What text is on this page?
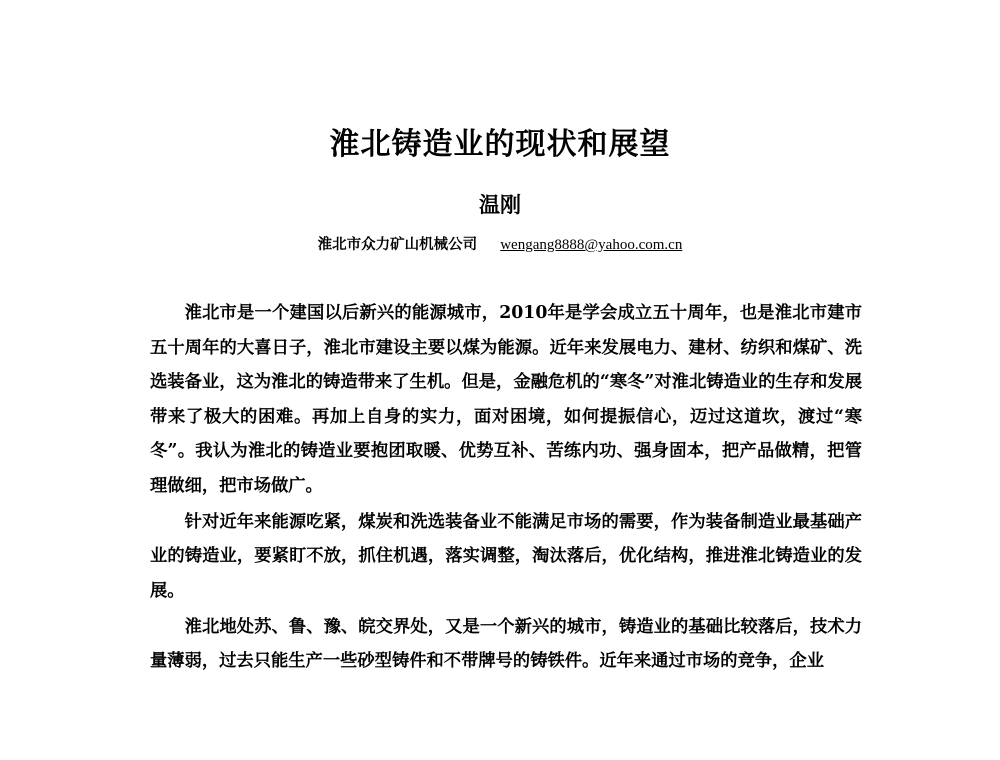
淮北铸造业的现状和展望
温刚
淮北市众力矿山机械公司 wengang8888@yahoo.com.cn

淮北市是一个建国以后新兴的能源城市，2010年是学会成立五十周年，也是淮北市建市五十周年的大喜日子，淮北市建设主要以煤为能源。近年来发展电力、建材、纺织和煤矿、洗选装备业，这为淮北的铸造带来了生机。但是，金融危机的“寒冬”对淮北铸造业的生存和发展带来了极大的困难。再加上自身的实力，面对困境，如何提振信心，迈过这道坎，渡过“寒冬”。我认为淮北的铸造业要抱团取暖、优势互补、苦练内功、强身固本，把产品做精，把管理做细，把市场做广。

针对近年来能源吃紧，煤炭和洗选装备业不能满足市场的需要，作为装备制造业最基础产业的铸造业，要紧盯不放，抓住机遇，落实调整，淘汰落后，优化结构，推进淮北铸造业的发展。

淮北地处苏、鲁、豫、皖交界处，又是一个新兴的城市，铸造业的基础比较落后，技术力量薄弱，过去只能生产一些砂型铸件和不带牌号的铸铁件。近年来通过市场的竞争，企业
